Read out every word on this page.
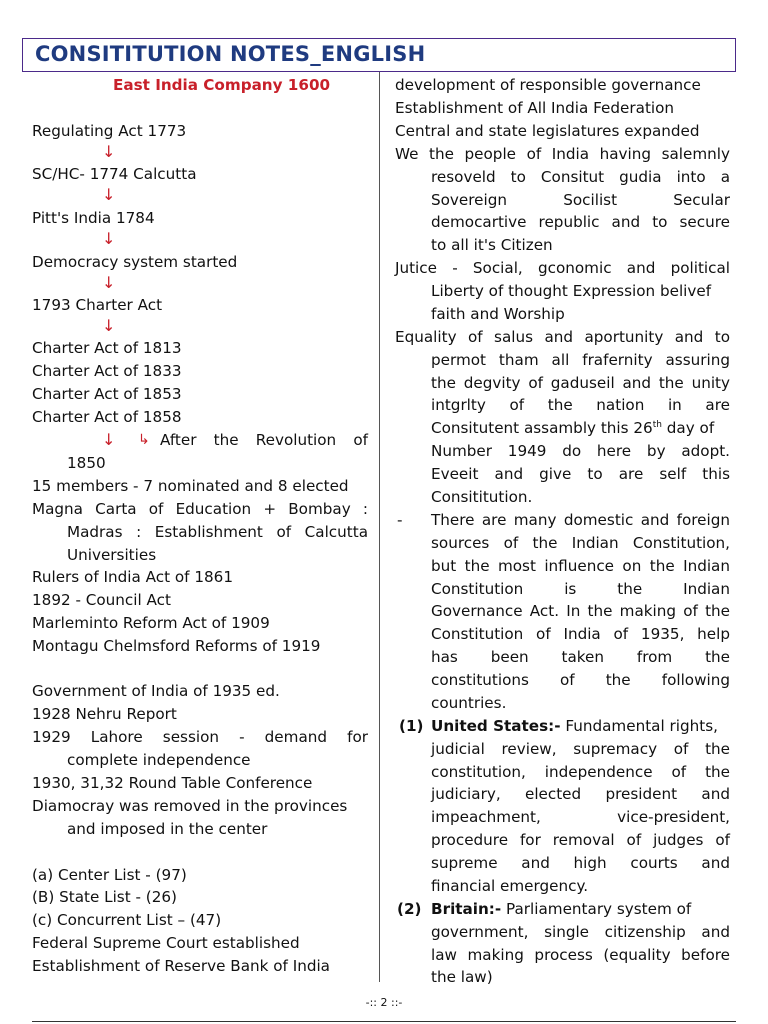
CONSITITUTION NOTES_ENGLISH
East India Company 1600
Regulating Act 1773
↓
SC/HC- 1774 Calcutta
↓
Pitt's India 1784
↓
Democracy system started
↓
1793 Charter Act
↓
Charter Act of 1813
Charter Act of 1833
Charter Act of 1853
Charter Act of 1858
↓ ↳ After the Revolution of
1850
15 members - 7 nominated and 8 elected
Magna Carta of Education + Bombay :
Madras : Establishment of Calcutta
Universities
Rulers of India Act of 1861
1892 - Council Act
Marleminto Reform Act of 1909
Montagu Chelmsford Reforms of 1919
Government of India of 1935 ed.
1928 Nehru Report
1929 Lahore session - demand for
complete independence
1930, 31,32 Round Table Conference
Diamocray was removed in the provinces
and imposed in the center
(a) Center List - (97)
(B) State List - (26)
(c) Concurrent List – (47)
Federal Supreme Court established
Establishment of Reserve Bank of India
development of responsible governance
Establishment of All India Federation
Central and state legislatures expanded
We the people of India having salemnly
resoveld to Consitut gudia into a
Sovereign Socilist Secular
democartive republic and to secure
to all it's Citizen
Jutice - Social, gconomic and political
Liberty of thought Expression belivef
faith and Worship
Equality of salus and aportunity and to
permot tham all frafernity assuring
the degvity of gaduseil and the unity
intgrlty of the nation in are
Consitutent assambly this 26th day of
Number 1949 do here by adopt.
Eveeit and give to are self this
Consititution.
- There are many domestic and foreign
sources of the Indian Constitution,
but the most influence on the Indian
Constitution is the Indian
Governance Act. In the making of the
Constitution of India of 1935, help
has been taken from the
constitutions of the following
countries.
(1) United States:- Fundamental rights,
judicial review, supremacy of the
constitution, independence of the
judiciary, elected president and
impeachment, vice-president,
procedure for removal of judges of
supreme and high courts and
financial emergency.
(2) Britain:- Parliamentary system of
government, single citizenship and
law making process (equality before
the law)
-:: 2 ::-
